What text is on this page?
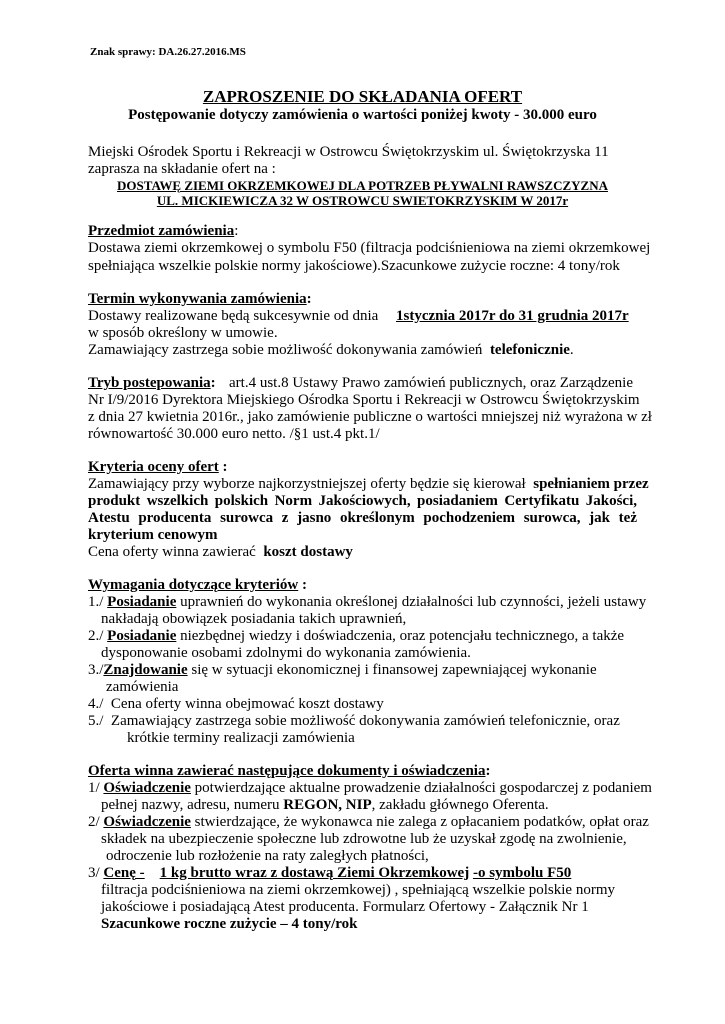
Znak sprawy: DA.26.27.2016.MS
ZAPROSZENIE DO SKŁADANIA OFERT
Postępowanie dotyczy zamówienia o wartości poniżej kwoty - 30.000 euro
Miejski Ośrodek Sportu i Rekreacji w Ostrowcu Świętokrzyskim ul. Świętokrzyska 11
zaprasza na składanie ofert na :
DOSTAWĘ ZIEMI OKRZEMKOWEJ DLA POTRZEB PŁYWALNI RAWSZCZYZNA
UL. MICKIEWICZA 32 W OSTROWCU SWIETOKRZYSKIM W 2017r
Przedmiot zamówienia:
Dostawa ziemi okrzemkowej o symbolu F50 (filtracja podciśnieniowa na ziemi okrzemkowej
spełniająca wszelkie polskie normy jakościowe).Szacunkowe zużycie roczne: 4 tony/rok
Termin wykonywania zamówienia:
Dostawy realizowane będą sukcesywnie od dnia 1stycznia 2017r do 31 grudnia 2017r
w sposób określony w umowie.
Zamawiający zastrzega sobie możliwość dokonywania zamówień telefonicznie.
Tryb postepowania: art.4 ust.8 Ustawy Prawo zamówień publicznych, oraz Zarządzenie
Nr I/9/2016 Dyrektora Miejskiego Ośrodka Sportu i Rekreacji w Ostrowcu Świętokrzyskim
z dnia 27 kwietnia 2016r., jako zamówienie publiczne o wartości mniejszej niż wyrażona w zł
równowartość 30.000 euro netto. /§1 ust.4 pkt.1/
Kryteria oceny ofert :
Zamawiający przy wyborze najkorzystniejszej oferty będzie się kierował spełnianiem przez
produkt wszelkich polskich Norm Jakościowych, posiadaniem Certyfikatu Jakości,
Atestu producenta surowca z jasno określonym pochodzeniem surowca, jak też
kryterium cenowym
Cena oferty winna zawierać koszt dostawy
Wymagania dotyczące kryteriów :
1./ Posiadanie uprawnień do wykonania określonej działalności lub czynności, jeżeli ustawy
nakładają obowiązek posiadania takich uprawnień,
2./ Posiadanie niezbędnej wiedzy i doświadczenia, oraz potencjału technicznego, a także
dysponowanie osobami zdolnymi do wykonania zamówienia.
3./Znajdowanie się w sytuacji ekonomicznej i finansowej zapewniającej wykonanie
zamówienia
4./ Cena oferty winna obejmować koszt dostawy
5./ Zamawiający zastrzega sobie możliwość dokonywania zamówień telefonicznie, oraz
krótkie terminy realizacji zamówienia
Oferta winna zawierać następujące dokumenty i oświadczenia:
1/ Oświadczenie potwierdzające aktualne prowadzenie działalności gospodarczej z podaniem
pełnej nazwy, adresu, numeru REGON, NIP, zakładu głównego Oferenta.
2/ Oświadczenie stwierdzające, że wykonawca nie zalega z opłacaniem podatków, opłat oraz
składek na ubezpieczenie społeczne lub zdrowotne lub że uzyskał zgodę na zwolnienie,
odroczenie lub rozłożenie na raty zaległych płatności,
3/ Cenę - 1 kg brutto wraz z dostawą Ziemi Okrzemkowej -o symbolu F50
filtracja podciśnieniowa na ziemi okrzemkowej) , spełniającą wszelkie polskie normy
jakościowe i posiadającą Atest producenta. Formularz Ofertowy - Załącznik Nr 1
Szacunkowe roczne zużycie – 4 tony/rok
